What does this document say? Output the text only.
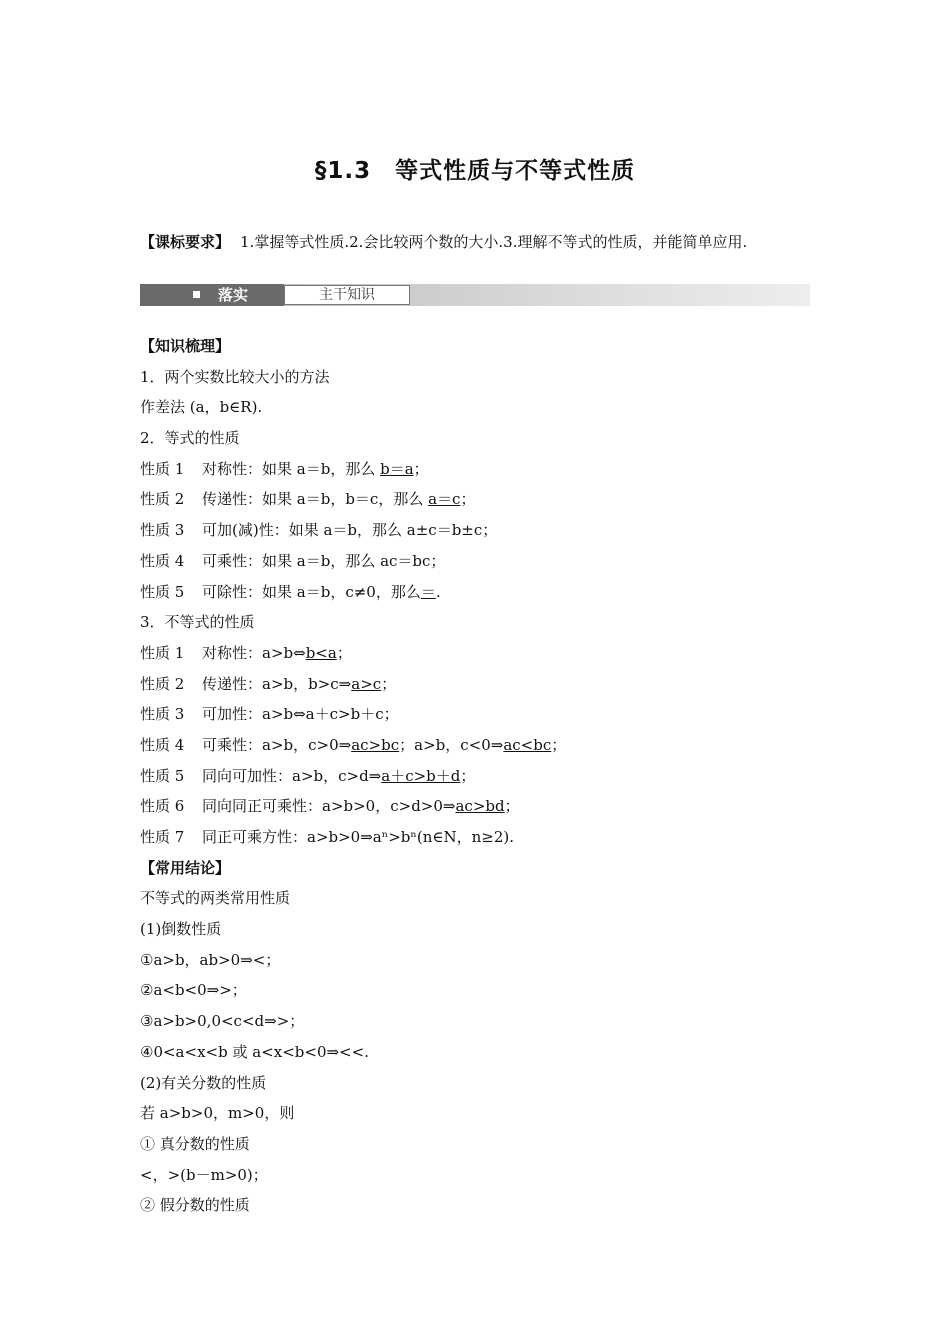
§1.3　等式性质与不等式性质
【课标要求】 1.掌握等式性质.2.会比较两个数的大小.3.理解不等式的性质，并能简单应用.
落实	主干知识
【知识梳理】
1．两个实数比较大小的方法
作差法 (a，b∈R).
2．等式的性质
性质 1 对称性：如果 a＝b，那么 b＝a；
性质 2 传递性：如果 a＝b，b＝c，那么 a＝c；
性质 3 可加(减)性：如果 a＝b，那么 a±c＝b±c；
性质 4 可乘性：如果 a＝b，那么 ac＝bc；
性质 5 可除性：如果 a＝b，c≠0，那么＝.
3．不等式的性质
性质 1 对称性：a>b⇔b<a；
性质 2 传递性：a>b，b>c⇒a>c；
性质 3 可加性：a>b⇔a＋c>b＋c；
性质 4 可乘性：a>b，c>0⇒ac>bc；a>b，c<0⇒ac<bc；
性质 5 同向可加性：a>b，c>d⇒a＋c>b＋d；
性质 6 同向同正可乘性：a>b>0，c>d>0⇒ac>bd；
性质 7 同正可乘方性：a>b>0⇒aⁿ>bⁿ(n∈N，n≥2).
【常用结论】
不等式的两类常用性质
(1)倒数性质
①a>b，ab>0⇒<；
②a<b<0⇒>；
③a>b>0,0<c<d⇒>；
④0<a<x<b 或 a<x<b<0⇒<<.
(2)有关分数的性质
若 a>b>0，m>0，则
① 真分数的性质
<，>(b－m>0)；
② 假分数的性质
